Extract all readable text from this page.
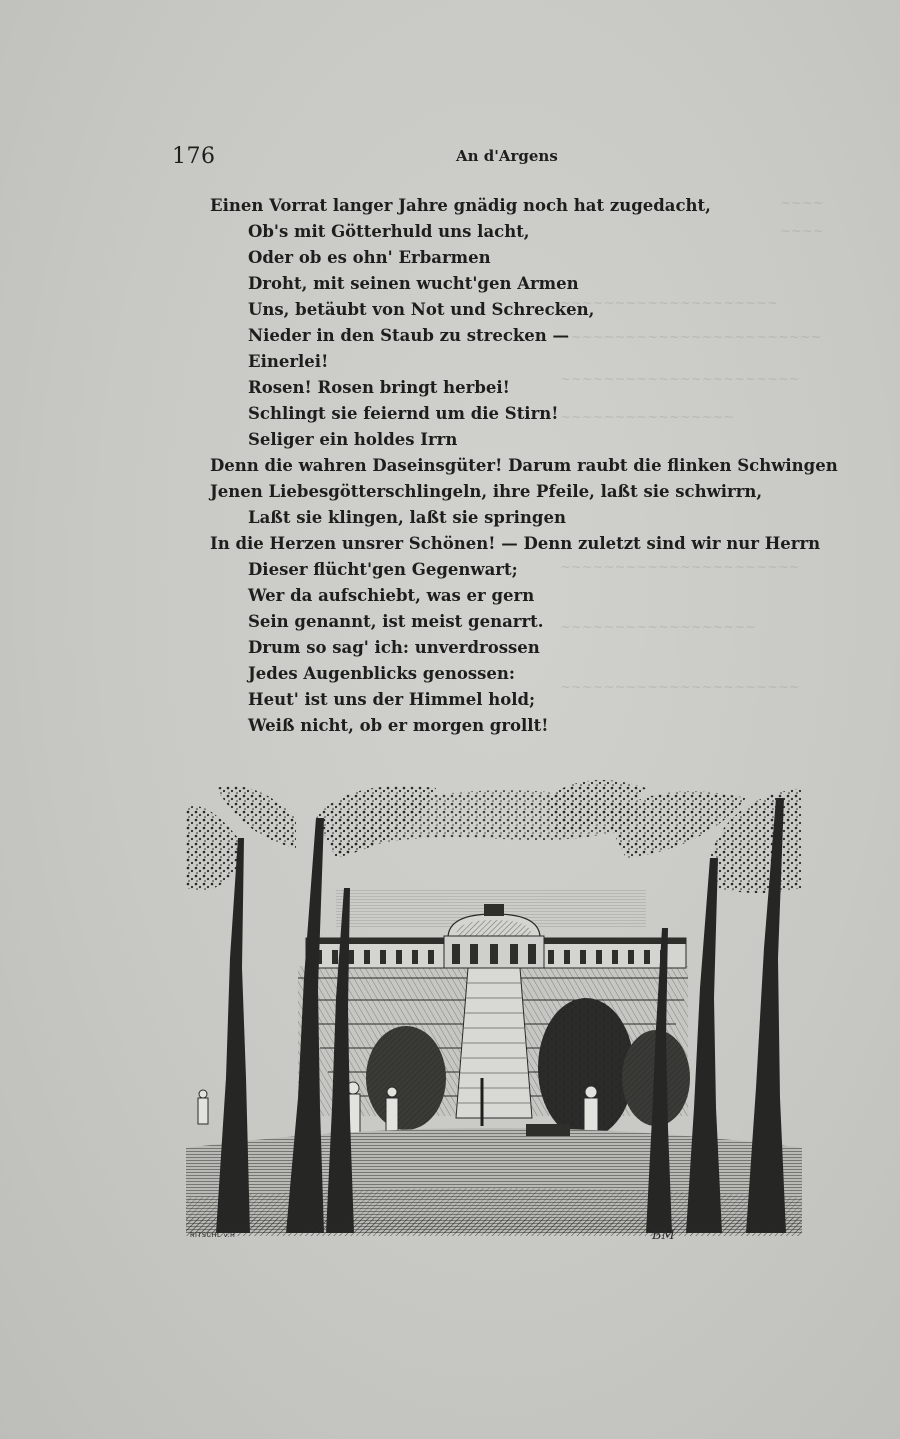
~~~~
~~~~
~~~~~~~~~~~~~~~~~~~~
~~~~~~~~~~~~~~~~~~~~~~~~
~~~~~~~~~~~~~~~~~~~~~~
~~~~~~~~~~~~~~~~
~~~~~~~~~~~~~~~~~~~~~~
~~~~~~~~~~~~~~~~~~
~~~~~~~~~~~~~~~~~~~~~~
176	An d'Argens
Einen Vorrat langer Jahre gnädig noch hat zugedacht,
Ob's mit Götterhuld uns lacht,
Oder ob es ohn' Erbarmen
Droht, mit seinen wucht'gen Armen
Uns, betäubt von Not und Schrecken,
Nieder in den Staub zu strecken —
Einerlei!
Rosen! Rosen bringt herbei!
Schlingt sie feiernd um die Stirn!
Seliger ein holdes Irrn
Denn die wahren Daseinsgüter! Darum raubt die flinken Schwingen
Jenen Liebesgötterschlingeln, ihre Pfeile, laßt sie schwirrn,
Laßt sie klingen, laßt sie springen
In die Herzen unsrer Schönen! — Denn zuletzt sind wir nur Herrn
Dieser flücht'gen Gegenwart;
Wer da aufschiebt, was er gern
Sein genannt, ist meist genarrt.
Drum so sag' ich: unverdrossen
Jedes Augenblicks genossen:
Heut' ist uns der Himmel hold;
Weiß nicht, ob er morgen grollt!
RITSCHL v.H	BM
